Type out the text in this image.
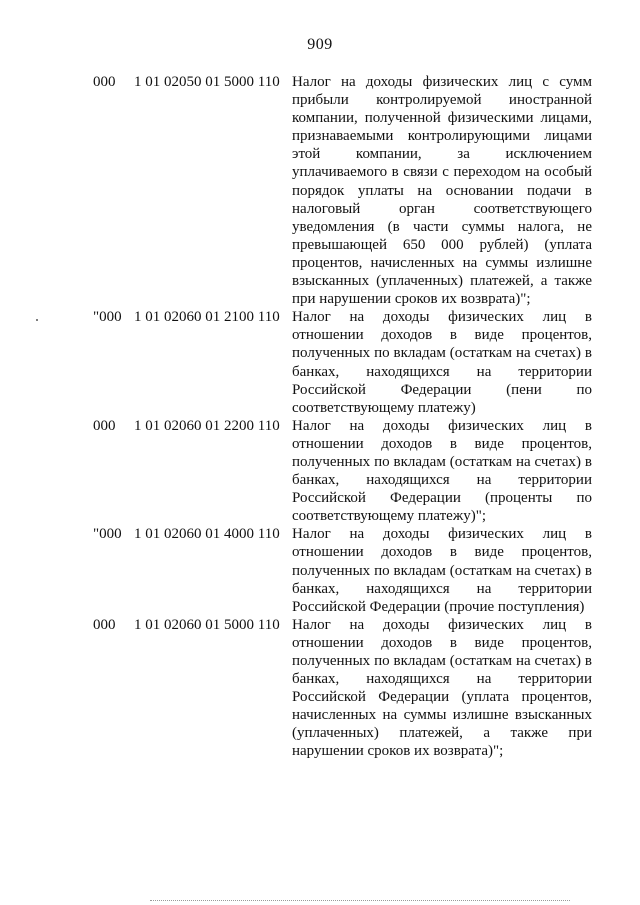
909
000 1 01 02050 01 5000 110 Налог на доходы физических лиц с сумм прибыли контролируемой иностранной компании, полученной физическими лицами, признаваемыми контролирующими лицами этой компании, за исключением уплачиваемого в связи с переходом на особый порядок уплаты на основании подачи в налоговый орган соответствующего уведомления (в части суммы налога, не превышающей 650 000 рублей) (уплата процентов, начисленных на суммы излишне взысканных (уплаченных) платежей, а также при нарушении сроков их возврата)";
"000 1 01 02060 01 2100 110 Налог на доходы физических лиц в отношении доходов в виде процентов, полученных по вкладам (остаткам на счетах) в банках, находящихся на территории Российской Федерации (пени по соответствующему платежу)
000 1 01 02060 01 2200 110 Налог на доходы физических лиц в отношении доходов в виде процентов, полученных по вкладам (остаткам на счетах) в банках, находящихся на территории Российской Федерации (проценты по соответствующему платежу)";
"000 1 01 02060 01 4000 110 Налог на доходы физических лиц в отношении доходов в виде процентов, полученных по вкладам (остаткам на счетах) в банках, находящихся на территории Российской Федерации (прочие поступления)
000 1 01 02060 01 5000 110 Налог на доходы физических лиц в отношении доходов в виде процентов, полученных по вкладам (остаткам на счетах) в банках, находящихся на территории Российской Федерации (уплата процентов, начисленных на суммы излишне взысканных (уплаченных) платежей, а также при нарушении сроков их возврата)";
